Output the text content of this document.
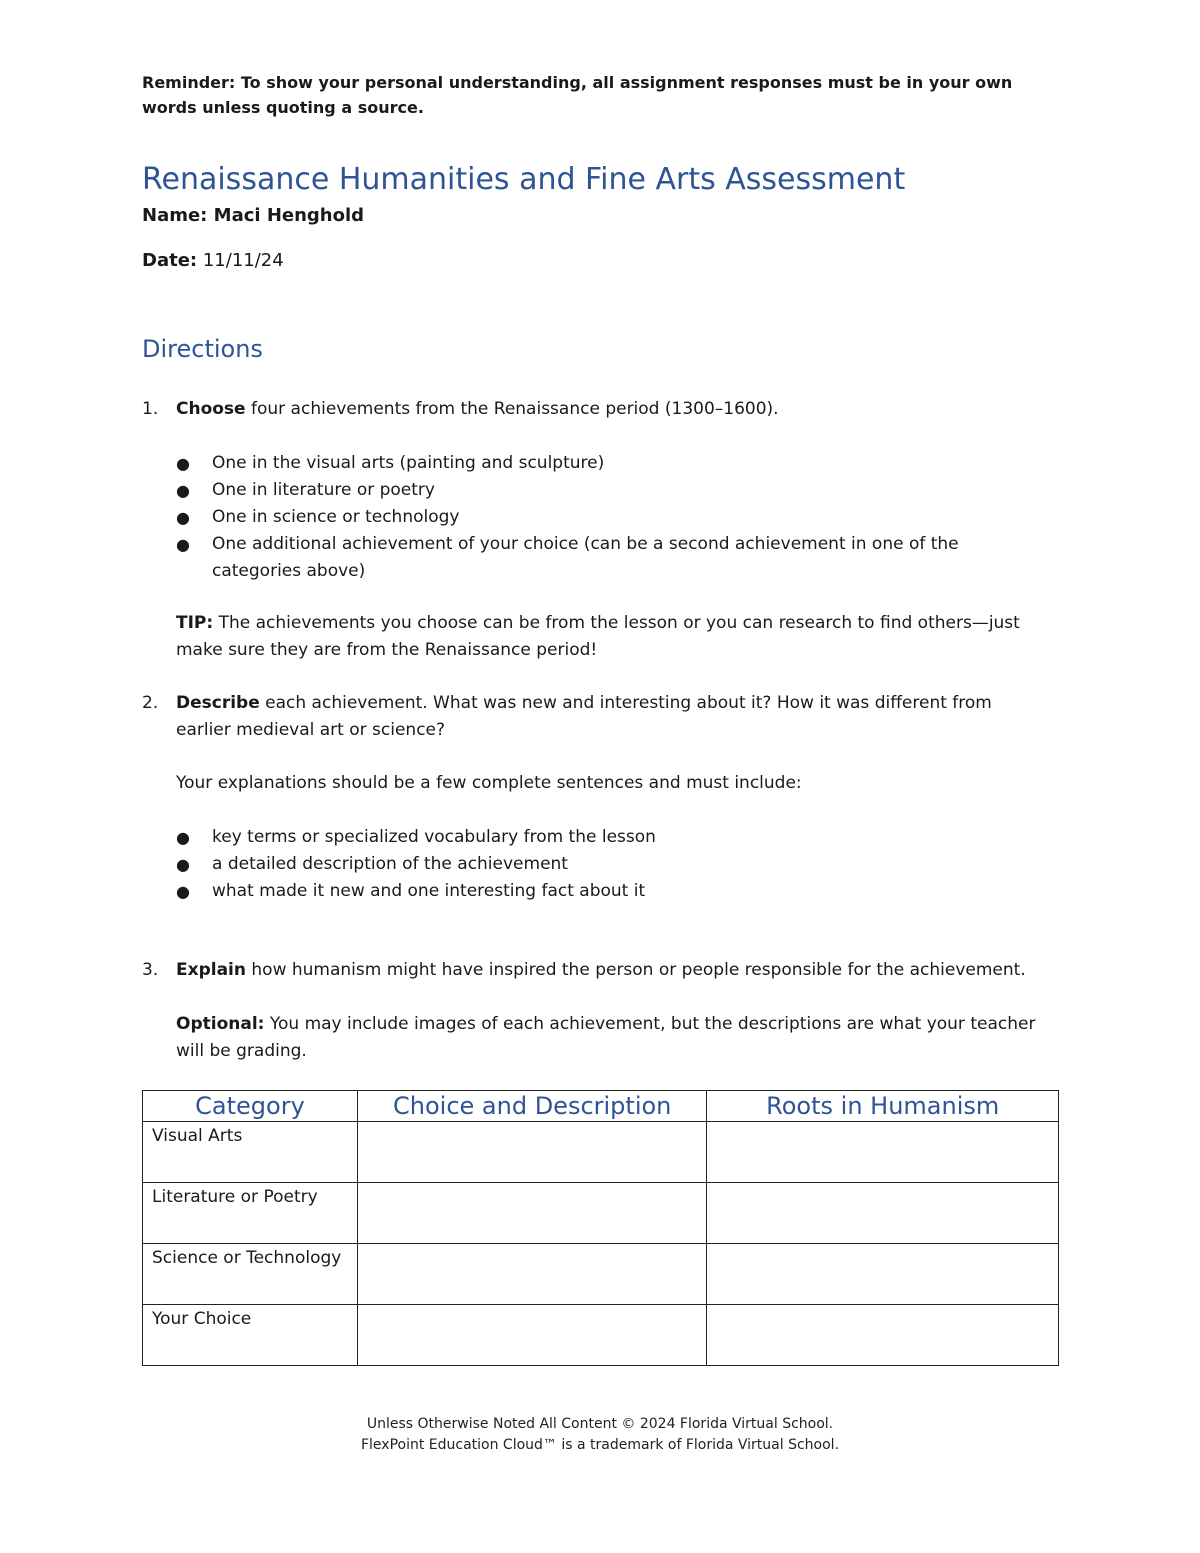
Reminder: To show your personal understanding, all assignment responses must be in your own words unless quoting a source.
Renaissance Humanities and Fine Arts Assessment
Name: Maci Henghold
Date: 11/11/24
Directions
1.	Choose four achievements from the Renaissance period (1300–1600).
● One in the visual arts (painting and sculpture)
● One in literature or poetry
● One in science or technology
● One additional achievement of your choice (can be a second achievement in one of the categories above)
TIP: The achievements you choose can be from the lesson or you can research to find others—just make sure they are from the Renaissance period!
2.	Describe each achievement. What was new and interesting about it? How it was different from earlier medieval art or science?
Your explanations should be a few complete sentences and must include:
● key terms or specialized vocabulary from the lesson
● a detailed description of the achievement
● what made it new and one interesting fact about it
3.	Explain how humanism might have inspired the person or people responsible for the achievement.
Optional: You may include images of each achievement, but the descriptions are what your teacher will be grading.
Category	Choice and Description	Roots in Humanism
Visual Arts		
Literature or Poetry		
Science or Technology		
Your Choice		
Unless Otherwise Noted All Content © 2024 Florida Virtual School.
FlexPoint Education Cloud™ is a trademark of Florida Virtual School.
